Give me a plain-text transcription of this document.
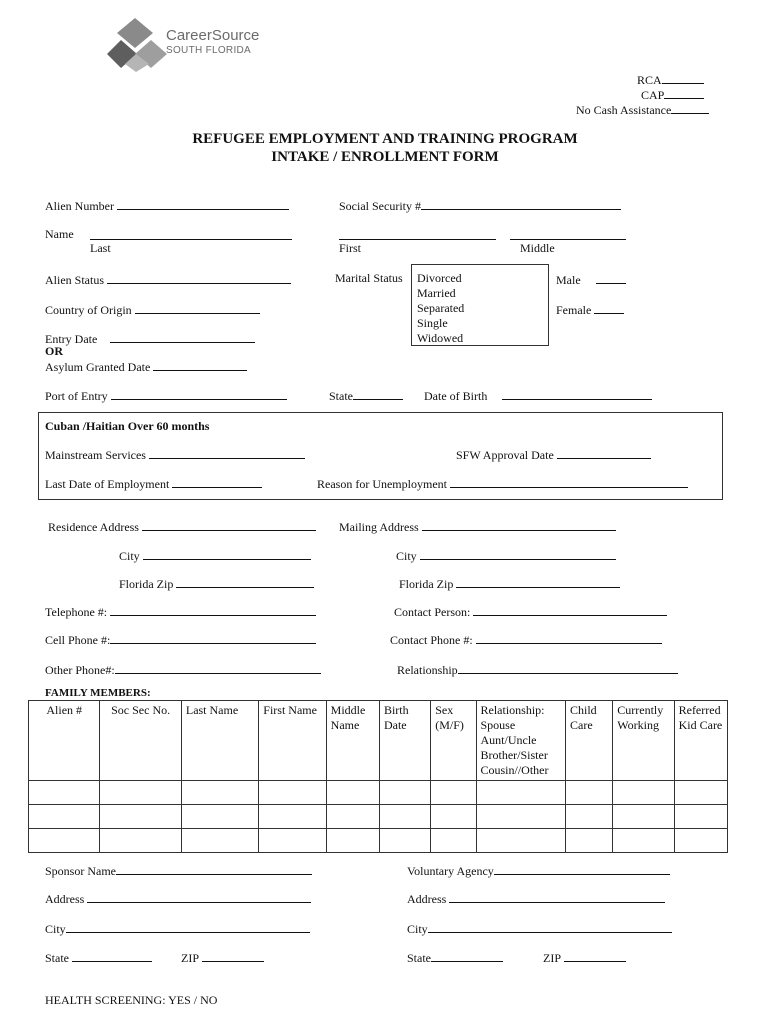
CareerSource
SOUTH FLORIDA
RCA
CAP
No Cash Assistance
REFUGEE EMPLOYMENT AND TRAINING PROGRAM
INTAKE / ENROLLMENT FORM
Alien Number	Social Security #
Name
Last	First	Middle
Alien Status	Marital Status Divorced
Married
Separated
Single
Widowed
Male
Female
Country of Origin
Entry Date
OR
Asylum Granted Date
Port of Entry	State	Date of Birth
Cuban /Haitian Over 60 months
Mainstream Services	SFW Approval Date
Last Date of Employment	Reason for Unemployment
Residence Address	Mailing Address
City	City
Florida Zip	Florida Zip
Telephone #:	Contact Person:
Cell Phone #:	Contact Phone #:
Other Phone#:	Relationship
FAMILY MEMBERS:
Alien #	Soc Sec No.	Last Name	First Name	Middle Name	Birth Date	Sex (M/F)	Relationship: Spouse Aunt/Uncle Brother/Sister Cousin//Other	Child Care	Currently Working	Referred Kid Care

Sponsor Name	Voluntary Agency
Address	Address
City	City
State	ZIP	State	ZIP
HEALTH SCREENING: YES / NO
